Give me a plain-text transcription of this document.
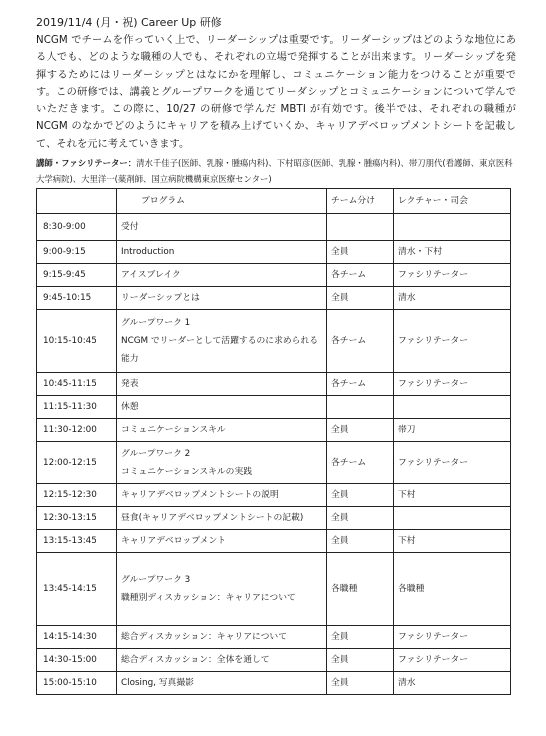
2019/11/4 (月・祝) Career Up 研修

NCGM でチームを作っていく上で、リーダーシップは重要です。リーダーシップはどのような地位にある人でも、どのような職種の人でも、それぞれの立場で発揮することが出来ます。リーダーシップを発揮するためにはリーダーシップとはなにかを理解し、コミュニケーション能力をつけることが重要です。この研修では、講義とグループワークを通じてリーダシップとコミュニケーションについて学んでいただきます。この際に、10/27 の研修で学んだ MBTI が有効です。後半では、それぞれの職種が NCGM のなかでどのようにキャリアを積み上げていくか、キャリアデベロップメントシートを記載して、それを元に考えていきます。

講師・ファシリテーター：清水千佳子(医師、乳腺・腫瘍内科)、下村昭彦(医師、乳腺・腫瘍内科)、帯刀朋代(看護師、東京医科大学病院)、大里洋一(薬剤師、国立病院機構東京医療センター)
	プログラム	チーム分け	レクチャー・司会
8:30-9:00	受付		

9:00-9:15	Introduction	全員	清水・下村
9:15-9:45	アイスブレイク	各チーム	ファシリテーター
9:45-10:15	リーダーシップとは	全員	清水
10:15-10:45	グループワーク 1
NCGM でリーダーとして活躍するのに求められる能力	各チーム	ファシリテーター
10:45-11:15	発表	各チーム	ファシリテーター
11:15-11:30	休憩		

11:30-12:00	コミュニケーションスキル	全員	帯刀
12:00-12:15	グループワーク 2
コミュニケーションスキルの実践	各チーム	ファシリテーター
12:15-12:30	キャリアデベロップメントシートの説明	全員	下村
12:30-13:15	昼食(キャリアデベロップメントシートの記載)	全員	
13:15-13:45	キャリアデベロップメント	全員	下村
13:45-14:15	グループワーク 3
職種別ディスカッション：キャリアについて	各職種	各職種
14:15-14:30	総合ディスカッション：キャリアについて	全員	ファシリテーター
14:30-15:00	総合ディスカッション：全体を通して	全員	ファシリテーター
15:00-15:10	Closing, 写真撮影	全員	清水
